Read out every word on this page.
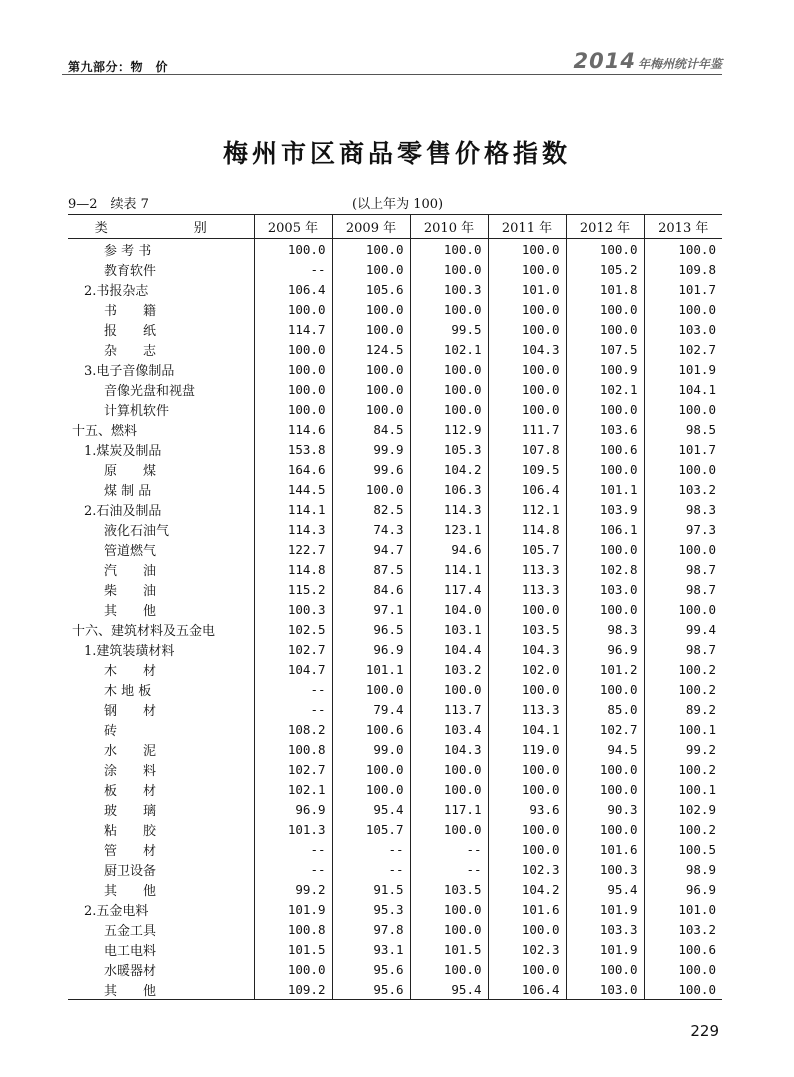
第九部分：物　价	2014 年梅州统计年鉴
梅州市区商品零售价格指数
9—2　续表 7	(以上年为 100)
类　　别	2005 年	2009 年	2010 年	2011 年	2012 年	2013 年
参 考 书	100.0	100.0	100.0	100.0	100.0	100.0
教育软件	--	100.0	100.0	100.0	105.2	109.8
2.书报杂志	106.4	105.6	100.3	101.0	101.8	101.7
书　　籍	100.0	100.0	100.0	100.0	100.0	100.0
报　　纸	114.7	100.0	99.5	100.0	100.0	103.0
杂　　志	100.0	124.5	102.1	104.3	107.5	102.7
3.电子音像制品	100.0	100.0	100.0	100.0	100.9	101.9
音像光盘和视盘	100.0	100.0	100.0	100.0	102.1	104.1
计算机软件	100.0	100.0	100.0	100.0	100.0	100.0
十五、燃料	114.6	84.5	112.9	111.7	103.6	98.5
1.煤炭及制品	153.8	99.9	105.3	107.8	100.6	101.7
原　　煤	164.6	99.6	104.2	109.5	100.0	100.0
煤 制 品	144.5	100.0	106.3	106.4	101.1	103.2
2.石油及制品	114.1	82.5	114.3	112.1	103.9	98.3
液化石油气	114.3	74.3	123.1	114.8	106.1	97.3
管道燃气	122.7	94.7	94.6	105.7	100.0	100.0
汽　　油	114.8	87.5	114.1	113.3	102.8	98.7
柴　　油	115.2	84.6	117.4	113.3	103.0	98.7
其　　他	100.3	97.1	104.0	100.0	100.0	100.0
十六、建筑材料及五金电	102.5	96.5	103.1	103.5	98.3	99.4
1.建筑装璜材料	102.7	96.9	104.4	104.3	96.9	98.7
木　　材	104.7	101.1	103.2	102.0	101.2	100.2
木 地 板	--	100.0	100.0	100.0	100.0	100.2
钢　　材	--	79.4	113.7	113.3	85.0	89.2
砖	108.2	100.6	103.4	104.1	102.7	100.1
水　　泥	100.8	99.0	104.3	119.0	94.5	99.2
涂　　料	102.7	100.0	100.0	100.0	100.0	100.2
板　　材	102.1	100.0	100.0	100.0	100.0	100.1
玻　　璃	96.9	95.4	117.1	93.6	90.3	102.9
粘　　胶	101.3	105.7	100.0	100.0	100.0	100.2
管　　材	--	--	--	100.0	101.6	100.5
厨卫设备	--	--	--	102.3	100.3	98.9
其　　他	99.2	91.5	103.5	104.2	95.4	96.9
2.五金电料	101.9	95.3	100.0	101.6	101.9	101.0
五金工具	100.8	97.8	100.0	100.0	103.3	103.2
电工电料	101.5	93.1	101.5	102.3	101.9	100.6
水暖器材	100.0	95.6	100.0	100.0	100.0	100.0
其　　他	109.2	95.6	95.4	106.4	103.0	100.0
229
